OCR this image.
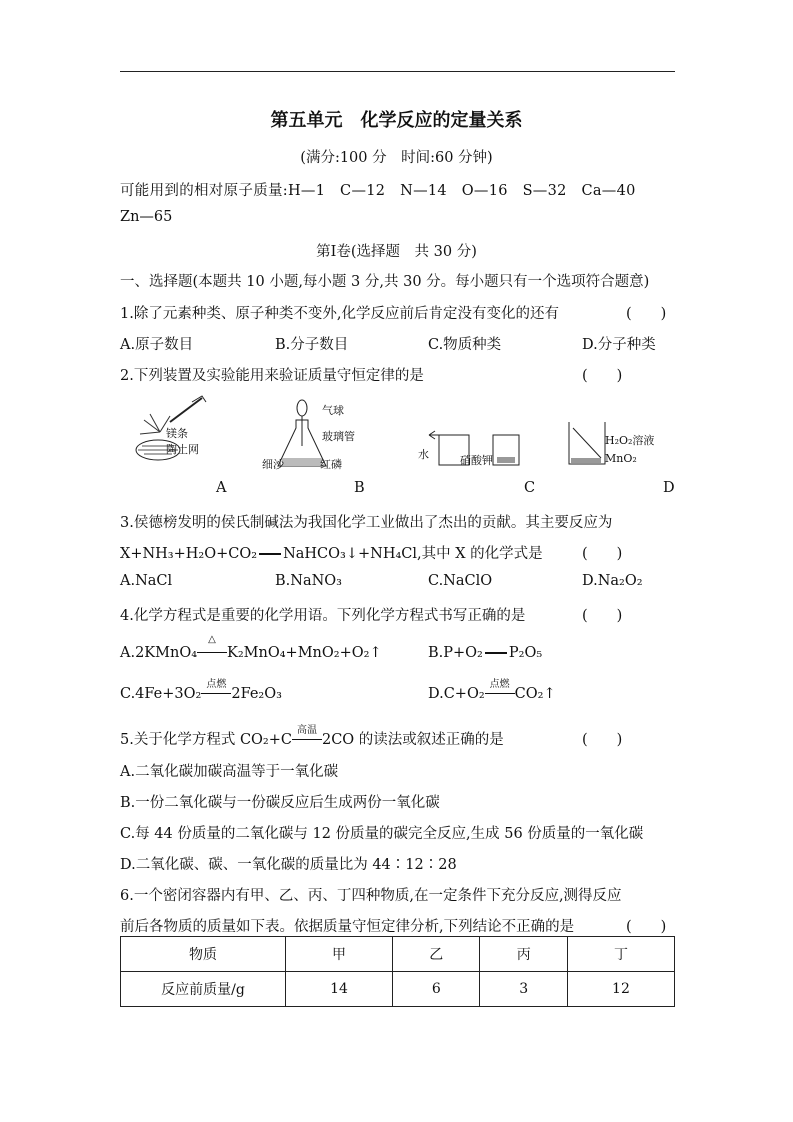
第五单元　化学反应的定量关系
(满分:100 分　时间:60 分钟)
可能用到的相对原子质量:H—1　C—12　N—14　O—16　S—32　Ca—40
Zn—65
第Ⅰ卷(选择题　共 30 分)
一、选择题(本题共 10 小题,每小题 3 分,共 30 分。每小题只有一个选项符合题意)
1.除了元素种类、原子种类不变外,化学反应前后肯定没有变化的还有	(　　)
A.原子数目	B.分子数目	C.物质种类	D.分子种类
2.下列装置及实验能用来验证质量守恒定律的是	(　　)
镁条
陶土网
气球
玻璃管
细沙	红磷
水	硝酸钾
H₂O₂溶液
MnO₂
A	B	C	D
3.侯德榜发明的侯氏制碱法为我国化学工业做出了杰出的贡献。其主要反应为
X+NH₃+H₂O+CO₂ NaHCO₃↓+NH₄Cl,其中 X 的化学式是	(　　)
A.NaCl	B.NaNO₃	C.NaClO	D.Na₂O₂
4.化学方程式是重要的化学用语。下列化学方程式书写正确的是	(　　)
A.2KMnO₄
△
K₂MnO₄+MnO₂+O₂↑	B.P+O₂ P₂O₅
C.4Fe+3O₂
点燃
2Fe₂O₃	D.C+O₂
点燃
CO₂↑
5.关于化学方程式 CO₂+C
高温
2CO 的读法或叙述正确的是	(　　)
A.二氧化碳加碳高温等于一氧化碳
B.一份二氧化碳与一份碳反应后生成两份一氧化碳
C.每 44 份质量的二氧化碳与 12 份质量的碳完全反应,生成 56 份质量的一氧化碳
D.二氧化碳、碳、一氧化碳的质量比为 44∶12∶28
6.一个密闭容器内有甲、乙、丙、丁四种物质,在一定条件下充分反应,测得反应
前后各物质的质量如下表。依据质量守恒定律分析,下列结论不正确的是	(　　)
物质	甲	乙	丙	丁
反应前质量/g	14	6	3	12
